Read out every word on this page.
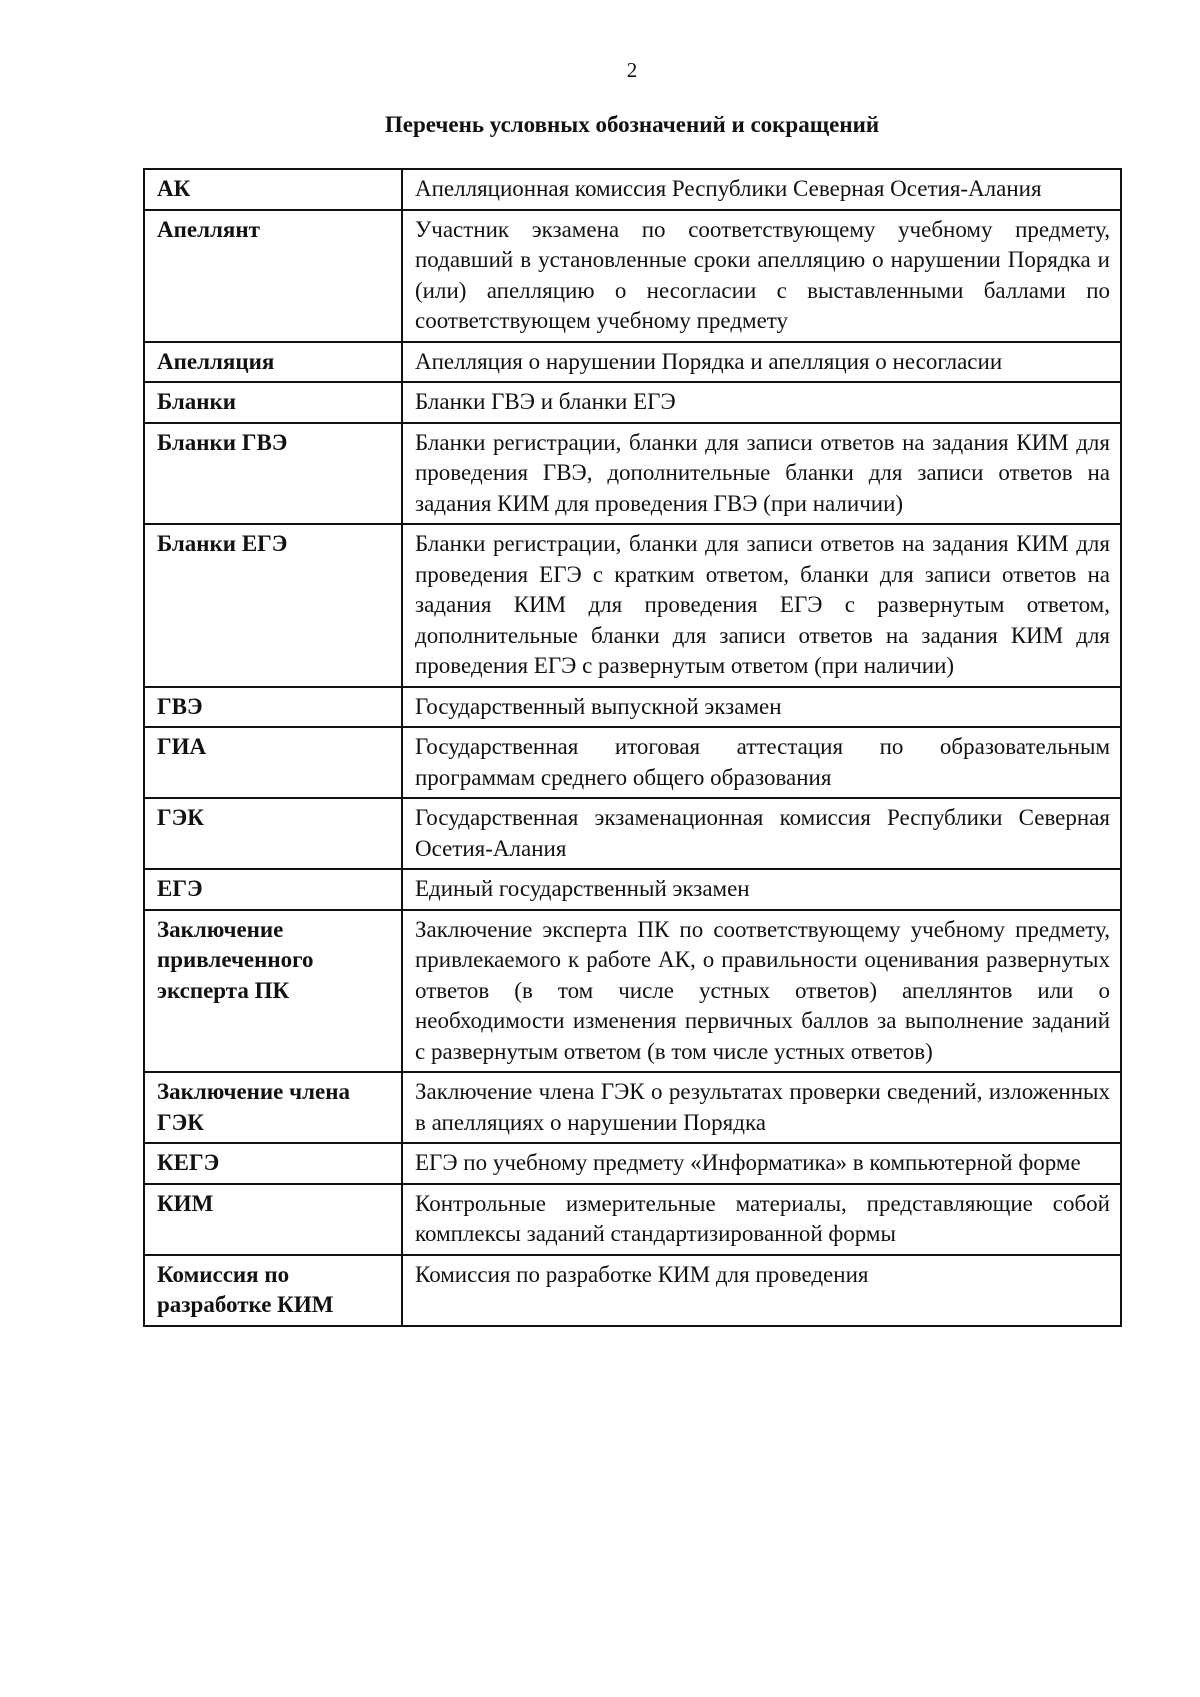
2
Перечень условных обозначений и сокращений
АК	Апелляционная комиссия Республики Северная Осетия-Алания
Апеллянт	Участник экзамена по соответствующему учебному предмету, подавший в установленные сроки апелляцию о нарушении Порядка и (или) апелляцию о несогласии с выставленными баллами по соответствующем учебному предмету
Апелляция	Апелляция о нарушении Порядка и апелляция о несогласии
Бланки	Бланки ГВЭ и бланки ЕГЭ
Бланки ГВЭ	Бланки регистрации, бланки для записи ответов на задания КИМ для проведения ГВЭ, дополнительные бланки для записи ответов на задания КИМ для проведения ГВЭ (при наличии)
Бланки ЕГЭ	Бланки регистрации, бланки для записи ответов на задания КИМ для проведения ЕГЭ с кратким ответом, бланки для записи ответов на задания КИМ для проведения ЕГЭ с развернутым ответом, дополнительные бланки для записи ответов на задания КИМ для проведения ЕГЭ с развернутым ответом (при наличии)
ГВЭ	Государственный выпускной экзамен
ГИА	Государственная итоговая аттестация по образовательным программам среднего общего образования
ГЭК	Государственная экзаменационная комиссия Республики Северная Осетия-Алания
ЕГЭ	Единый государственный экзамен
Заключение привлеченного эксперта ПК	Заключение эксперта ПК по соответствующему учебному предмету, привлекаемого к работе АК, о правильности оценивания развернутых ответов (в том числе устных ответов) апеллянтов или о необходимости изменения первичных баллов за выполнение заданий с развернутым ответом (в том числе устных ответов)
Заключение члена ГЭК	Заключение члена ГЭК о результатах проверки сведений, изложенных в апелляциях о нарушении Порядка
КЕГЭ	ЕГЭ по учебному предмету «Информатика» в компьютерной форме
КИМ	Контрольные измерительные материалы, представляющие собой комплексы заданий стандартизированной формы
Комиссия по разработке КИМ	Комиссия по разработке КИМ для проведения
